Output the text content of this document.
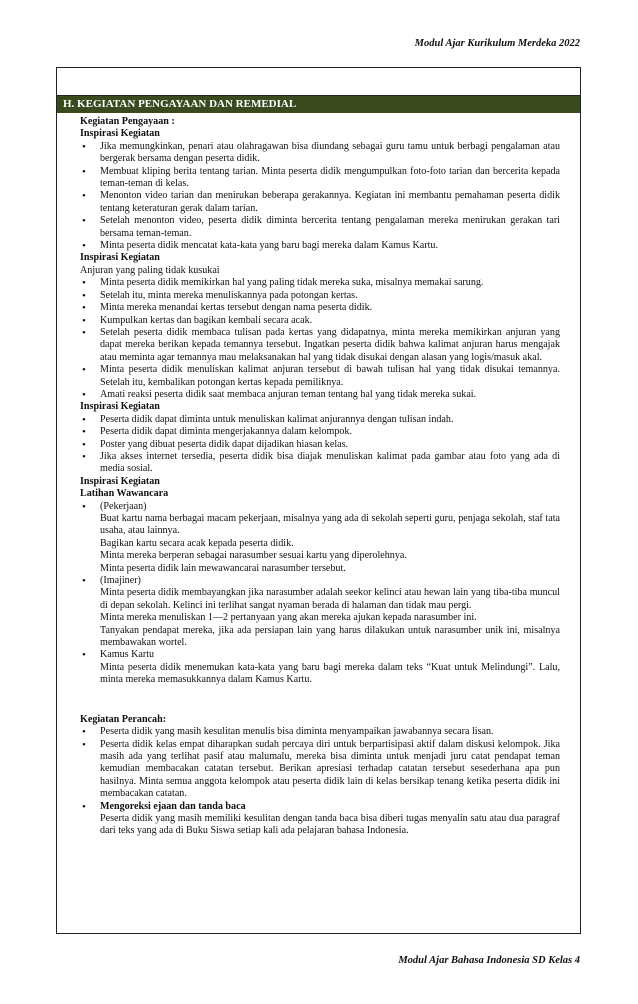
Modul Ajar Kurikulum Merdeka 2022
H. KEGIATAN PENGAYAAN DAN REMEDIAL

Kegiatan Pengayaan :

Inspirasi Kegiatan

• Jika memungkinkan, penari atau olahragawan bisa diundang sebagai guru tamu untuk berbagi pengalaman atau bergerak bersama dengan peserta didik.
• Membuat kliping berita tentang tarian. Minta peserta didik mengumpulkan foto-foto tarian dan bercerita kepada teman-teman di kelas.
• Menonton video tarian dan menirukan beberapa gerakannya. Kegiatan ini membantu pemahaman peserta didik tentang keteraturan gerak dalam tarian.
• Setelah menonton video, peserta didik diminta bercerita tentang pengalaman mereka menirukan gerakan tari bersama teman-teman.
• Minta peserta didik mencatat kata-kata yang baru bagi mereka dalam Kamus Kartu.

Inspirasi Kegiatan

Anjuran yang paling tidak kusukai

• Minta peserta didik memikirkan hal yang paling tidak mereka suka, misalnya memakai sarung.
• Setelah itu, minta mereka menuliskannya pada potongan kertas.
• Minta mereka menandai kertas tersebut dengan nama peserta didik.
• Kumpulkan kertas dan bagikan kembali secara acak.
• Setelah peserta didik membaca tulisan pada kertas yang didapatnya, minta mereka memikirkan anjuran yang dapat mereka berikan kepada temannya tersebut. Ingatkan peserta didik bahwa kalimat anjuran harus mengajak atau meminta agar temannya mau melaksanakan hal yang tidak disukai dengan alasan yang logis/masuk akal.
• Minta peserta didik menuliskan kalimat anjuran tersebut di bawah tulisan hal yang tidak disukai temannya. Setelah itu, kembalikan potongan kertas kepada pemiliknya.
• Amati reaksi peserta didik saat membaca anjuran teman tentang hal yang tidak mereka sukai.

Inspirasi Kegiatan

• Peserta didik dapat diminta untuk menuliskan kalimat anjurannya dengan tulisan indah.
• Peserta didik dapat diminta mengerjakannya dalam kelompok.
• Poster yang dibuat peserta didik dapat dijadikan hiasan kelas.
• Jika akses internet tersedia, peserta didik bisa diajak menuliskan kalimat pada gambar atau foto yang ada di media sosial.

Inspirasi Kegiatan

Latihan Wawancara

• (Pekerjaan)

Buat kartu nama berbagai macam pekerjaan, misalnya yang ada di sekolah seperti guru, penjaga sekolah, staf tata usaha, atau lainnya.

Bagikan kartu secara acak kepada peserta didik.

Minta mereka berperan sebagai narasumber sesuai kartu yang diperolehnya.

Minta peserta didik lain mewawancarai narasumber tersebut.

• (Imajiner)

Minta peserta didik membayangkan jika narasumber adalah seekor kelinci atau hewan lain yang tiba-tiba muncul di depan sekolah. Kelinci ini terlihat sangat nyaman berada di halaman dan tidak mau pergi.

Minta mereka menuliskan 1—2 pertanyaan yang akan mereka ajukan kepada narasumber ini.

Tanyakan pendapat mereka, jika ada persiapan lain yang harus dilakukan untuk narasumber unik ini, misalnya membawakan wortel.

• Kamus Kartu

Minta peserta didik menemukan kata-kata yang baru bagi mereka dalam teks “Kuat untuk Melindungi”. Lalu, minta mereka memasukkannya dalam Kamus Kartu.

Kegiatan Perancah:

• Peserta didik yang masih kesulitan menulis bisa diminta menyampaikan jawabannya secara lisan.
• Peserta didik kelas empat diharapkan sudah percaya diri untuk berpartisipasi aktif dalam diskusi kelompok. Jika masih ada yang terlihat pasif atau malumalu, mereka bisa diminta untuk menjadi juru catat pendapat teman kemudian membacakan catatan tersebut. Berikan apresiasi terhadap catatan tersebut sesederhana apa pun hasilnya. Minta semua anggota kelompok atau peserta didik lain di kelas bersikap tenang ketika peserta didik ini membacakan catatan.

• Mengoreksi ejaan dan tanda baca

Peserta didik yang masih memiliki kesulitan dengan tanda baca bisa diberi tugas menyalin satu atau dua paragraf dari teks yang ada di Buku Siswa setiap kali ada pelajaran bahasa Indonesia.

Modul Ajar Bahasa Indonesia SD Kelas 4
